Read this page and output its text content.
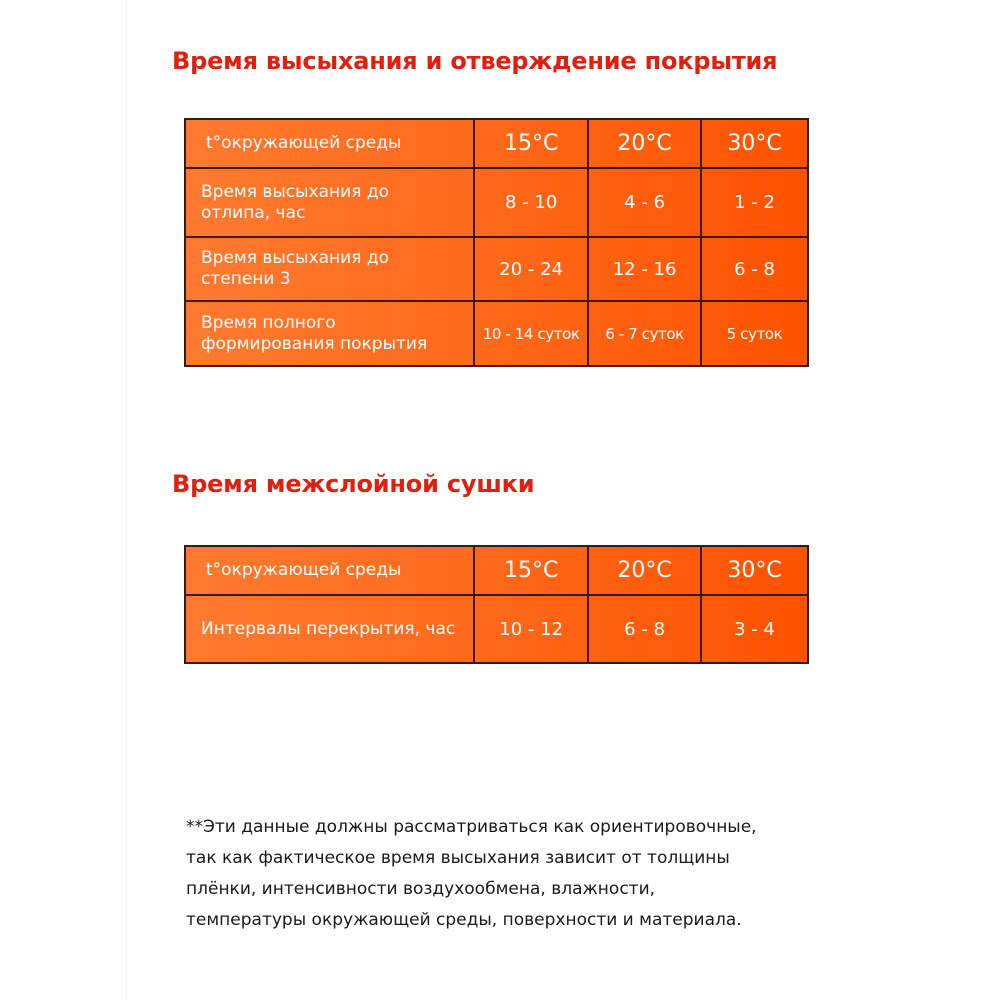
Время высыхания и отверждение покрытия
t°окружающей среды	15°C	20°C	30°C
Время высыхания до отлипа, час	8 - 10	4 - 6	1 - 2
Время высыхания до степени 3	20 - 24	12 - 16	6 - 8
Время полного формирования покрытия	10 - 14 суток	6 - 7 суток	5 суток
Время межслойной сушки
t°окружающей среды	15°C	20°C	30°C
Интервалы перекрытия, час	10 - 12	6 - 8	3 - 4

**Эти данные должны рассматриваться как ориентировочные,
так как фактическое время высыхания зависит от толщины
плёнки, интенсивности воздухообмена, влажности,
температуры окружающей среды, поверхности и материала.
